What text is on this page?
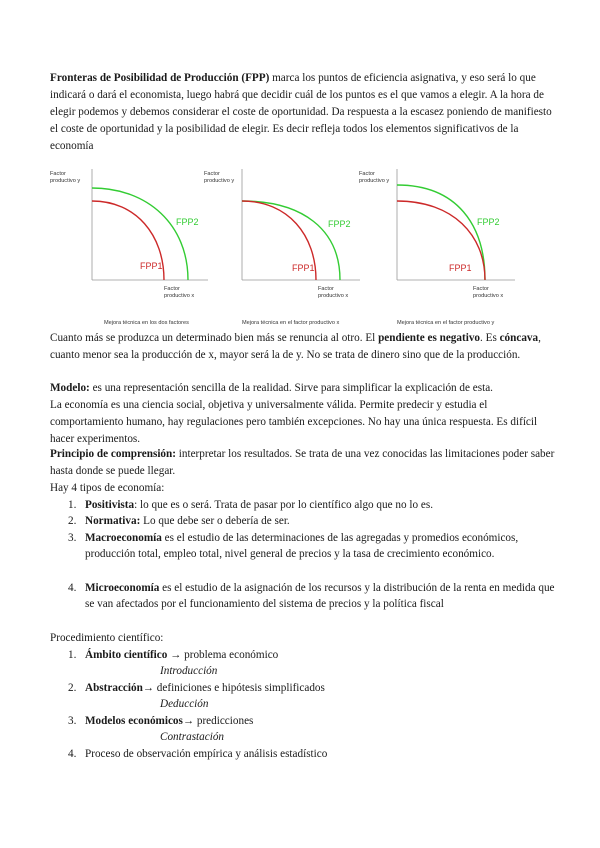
Fronteras de Posibilidad de Producción (FPP) marca los puntos de eficiencia asignativa, y eso será lo que indicará o dará el economista, luego habrá que decidir cuál de los puntos es el que vamos a elegir. A la hora de elegir podemos y debemos considerar el coste de oportunidad. Da respuesta a la escasez poniendo de manifiesto el coste de oportunidad y la posibilidad de elegir. Es decir refleja todos los elementos significativos de la economía

Factor
productivo y
FPP2
FPP1
Factor
productivo x
Mejora técnica en los dos factores
Factor
productivo y
FPP2
FPP1
Factor
productivo x
Mejora técnica en el factor productivo x
Factor
productivo y
FPP2
FPP1
Factor
productivo x
Mejora técnica en el factor productivo y

Cuanto más se produzca un determinado bien más se renuncia al otro. El pendiente es negativo. Es cóncava, cuanto menor sea la producción de x, mayor será la de y. No se trata de dinero sino que de la producción.

Modelo: es una representación sencilla de la realidad. Sirve para simplificar la explicación de esta.

La economía es una ciencia social, objetiva y universalmente válida. Permite predecir y estudia el comportamiento humano, hay regulaciones pero también excepciones. No hay una única respuesta. Es difícil hacer experimentos.

Principio de comprensión: interpretar los resultados. Se trata de una vez conocidas las limitaciones poder saber hasta donde se puede llegar.

Hay 4 tipos de economía:

1. Positivista: lo que es o será. Trata de pasar por lo científico algo que no lo es.

2. Normativa: Lo que debe ser o debería de ser.

3. Macroeconomía es el estudio de las determinaciones de las agregadas y promedios económicos, producción total, empleo total, nivel general de precios y la tasa de crecimiento económico.

4. Microeconomía es el estudio de la asignación de los recursos y la distribución de la renta en medida que se van afectados por el funcionamiento del sistema de precios y la política fiscal

Procedimiento científico:

1. Ámbito científico → problema económico

Introducción
2. Abstracción→ definiciones e hipótesis simplificados

Deducción
3. Modelos económicos→ predicciones

Contrastación
4. Proceso de observación empírica y análisis estadístico
